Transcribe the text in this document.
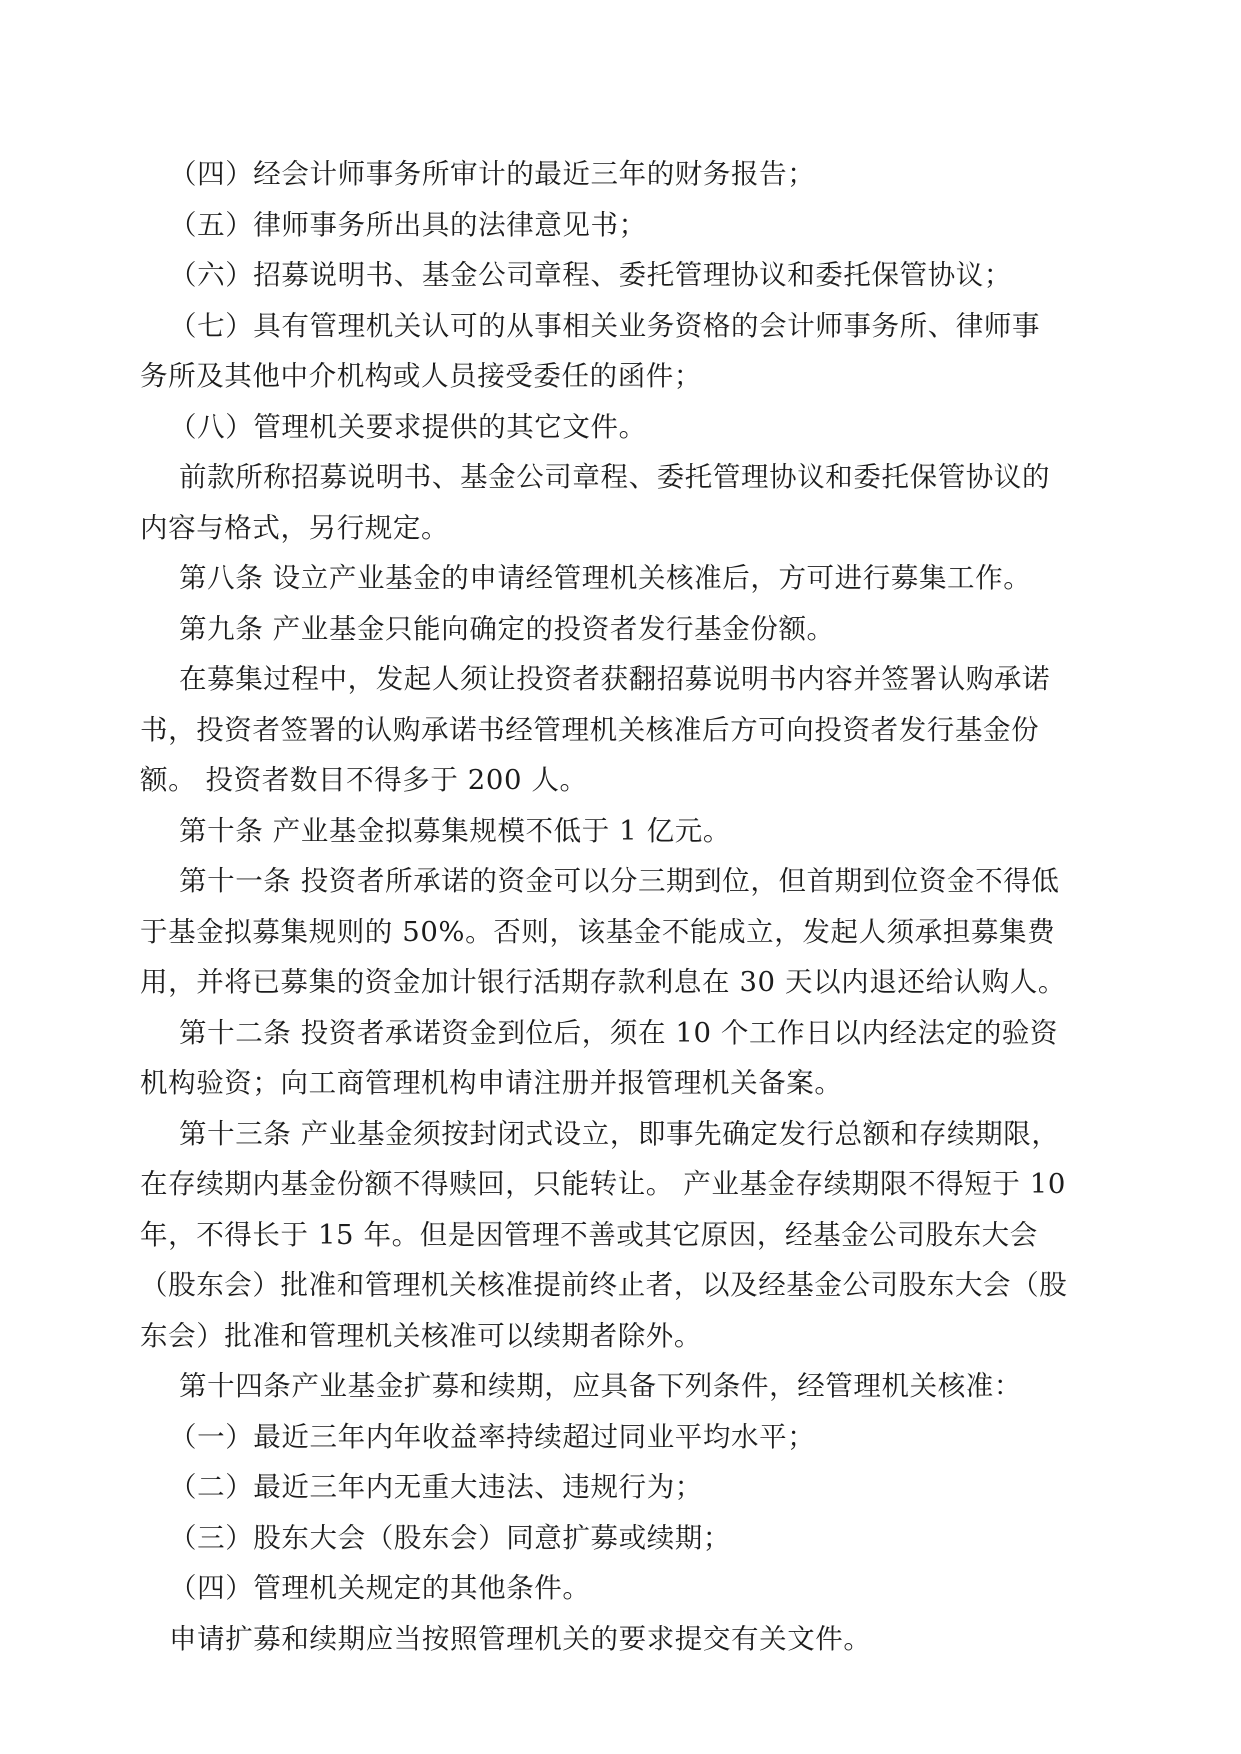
（四）经会计师事务所审计的最近三年的财务报告；
（五）律师事务所出具的法律意见书；
（六）招募说明书、基金公司章程、委托管理协议和委托保管协议；
（七）具有管理机关认可的从事相关业务资格的会计师事务所、律师事
务所及其他中介机构或人员接受委任的函件；
（八）管理机关要求提供的其它文件。
前款所称招募说明书、基金公司章程、委托管理协议和委托保管协议的
内容与格式，另行规定。
第八条 设立产业基金的申请经管理机关核准后，方可进行募集工作。
第九条 产业基金只能向确定的投资者发行基金份额。
在募集过程中，发起人须让投资者获翻招募说明书内容并签署认购承诺
书，投资者签署的认购承诺书经管理机关核准后方可向投资者发行基金份
额。 投资者数目不得多于 200 人。
第十条 产业基金拟募集规模不低于 1 亿元。
第十一条 投资者所承诺的资金可以分三期到位，但首期到位资金不得低
于基金拟募集规则的 50%。否则，该基金不能成立，发起人须承担募集费
用，并将已募集的资金加计银行活期存款利息在 30 天以内退还给认购人。
第十二条 投资者承诺资金到位后，须在 10 个工作日以内经法定的验资
机构验资；向工商管理机构申请注册并报管理机关备案。
第十三条 产业基金须按封闭式设立，即事先确定发行总额和存续期限，
在存续期内基金份额不得赎回，只能转让。 产业基金存续期限不得短于 10
年，不得长于 15 年。但是因管理不善或其它原因，经基金公司股东大会
（股东会）批准和管理机关核准提前终止者，以及经基金公司股东大会（股
东会）批准和管理机关核准可以续期者除外。
第十四条产业基金扩募和续期，应具备下列条件，经管理机关核准：
（一）最近三年内年收益率持续超过同业平均水平；
（二）最近三年内无重大违法、违规行为；
（三）股东大会（股东会）同意扩募或续期；
（四）管理机关规定的其他条件。
申请扩募和续期应当按照管理机关的要求提交有关文件。
